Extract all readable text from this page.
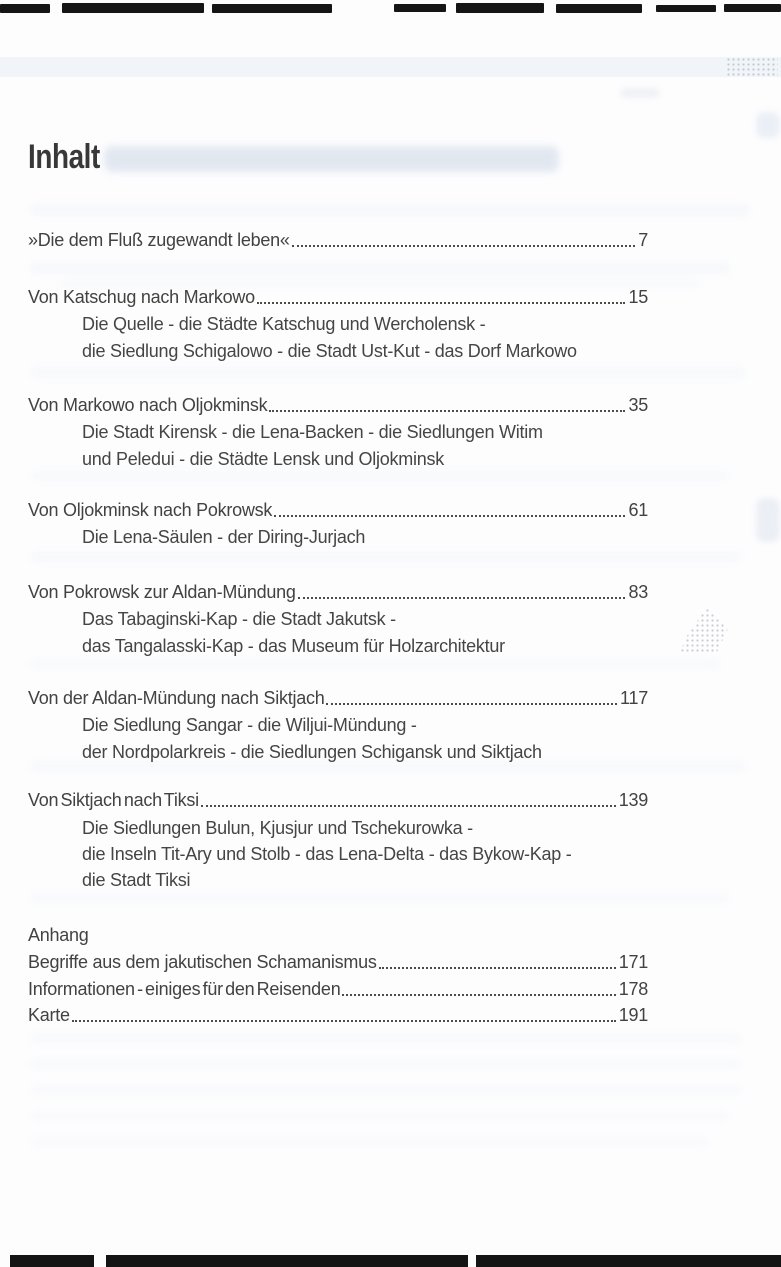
Inhalt
»Die dem Fluß zugewandt leben«	7
Von Katschug nach Markowo	15
Die Quelle - die Städte Katschug und Wercholensk -
die Siedlung Schigalowo - die Stadt Ust-Kut - das Dorf Markowo
Von Markowo nach Oljokminsk	35
Die Stadt Kirensk - die Lena-Backen - die Siedlungen Witim
und Peledui - die Städte Lensk und Oljokminsk
Von Oljokminsk nach Pokrowsk	61
Die Lena-Säulen - der Diring-Jurjach
Von Pokrowsk zur Aldan-Mündung	83
Das Tabaginski-Kap - die Stadt Jakutsk -
das Tangalasski-Kap - das Museum für Holzarchitektur
Von der Aldan-Mündung nach Siktjach	117
Die Siedlung Sangar - die Wiljui-Mündung -
der Nordpolarkreis - die Siedlungen Schigansk und Siktjach
Von Siktjach nach Tiksi	139
Die Siedlungen Bulun, Kjusjur und Tschekurowka -
die Inseln Tit-Ary und Stolb - das Lena-Delta - das Bykow-Kap -
die Stadt Tiksi
Anhang
Begriffe aus dem jakutischen Schamanismus	171
Informationen - einiges für den Reisenden	178
Karte	191
